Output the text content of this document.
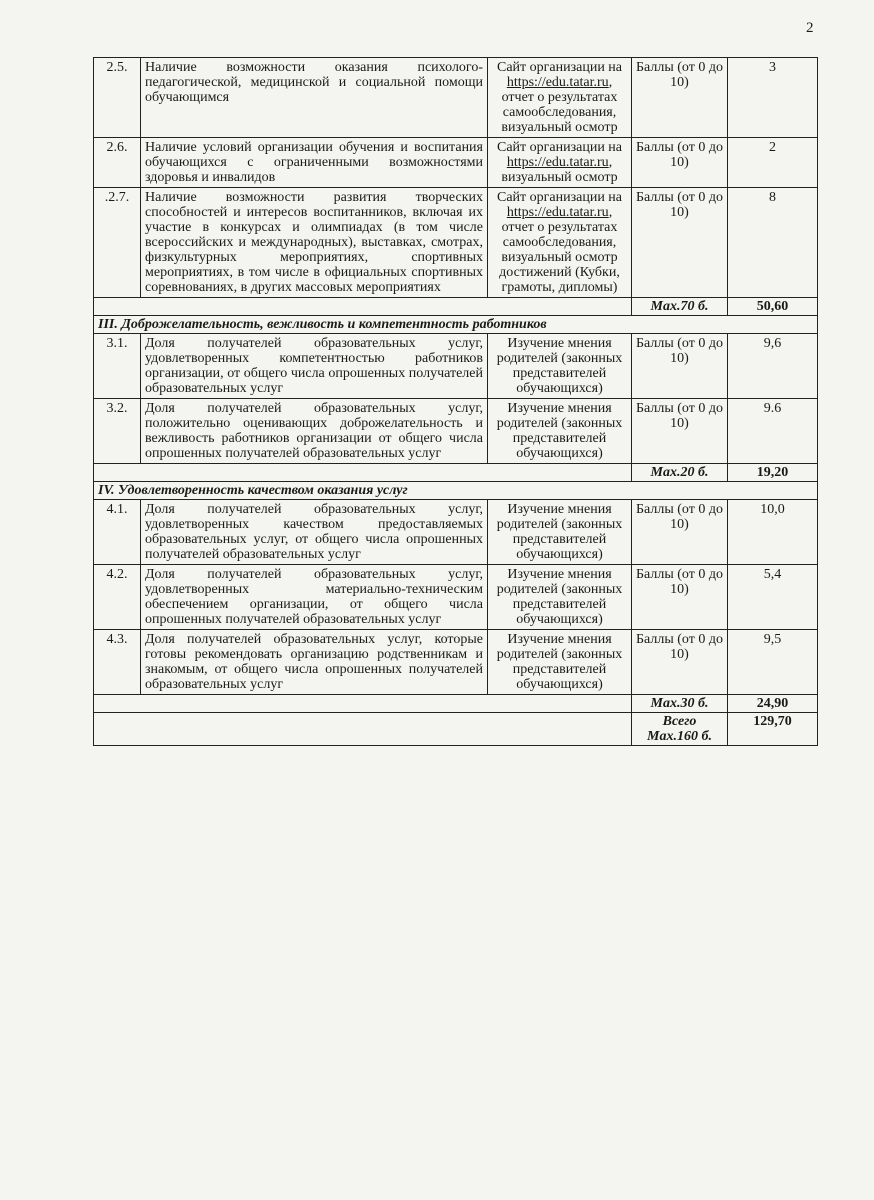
2
2.5.	Наличие возможности оказания психолого-педагогической, медицинской и социальной помощи обучающимся	Сайт организации на https://edu.tatar.ru, отчет о результатах самообследования, визуальный осмотр	Баллы (от 0 до 10)	3
2.6.	Наличие условий организации обучения и воспитания обучающихся с ограниченными возможностями здоровья и инвалидов	Сайт организации на https://edu.tatar.ru, визуальный осмотр	Баллы (от 0 до 10)	2
.2.7.	Наличие возможности развития творческих способностей и интересов воспитанников, включая их участие в конкурсах и олимпиадах (в том числе всероссийских и международных), выставках, смотрах, физкультурных мероприятиях, спортивных мероприятиях, в том числе в официальных спортивных соревнованиях, в других массовых мероприятиях	Сайт организации на https://edu.tatar.ru, отчет о результатах самообследования, визуальный осмотр достижений (Кубки, грамоты, дипломы)	Баллы (от 0 до 10)	8
			Max.70 б.	50,60
III. Доброжелательность, вежливость и компетентность работников				
3.1.	Доля получателей образовательных услуг, удовлетворенных компетентностью работников организации, от общего числа опрошенных получателей образовательных услуг	Изучение мнения родителей (законных представителей обучающихся)	Баллы (от 0 до 10)	9,6
3.2.	Доля получателей образовательных услуг, положительно оценивающих доброжелательность и вежливость работников организации от общего числа опрошенных получателей образовательных услуг	Изучение мнения родителей (законных представителей обучающихся)	Баллы (от 0 до 10)	9.6
			Max.20 б.	19,20
IV. Удовлетворенность качеством оказания услуг				
4.1.	Доля получателей образовательных услуг, удовлетворенных качеством предоставляемых образовательных услуг, от общего числа опрошенных получателей образовательных услуг	Изучение мнения родителей (законных представителей обучающихся)	Баллы (от 0 до 10)	10,0
4.2.	Доля получателей образовательных услуг, удовлетворенных материально-техническим обеспечением организации, от общего числа опрошенных получателей образовательных услуг	Изучение мнения родителей (законных представителей обучающихся)	Баллы (от 0 до 10)	5,4
4.3.	Доля получателей образовательных услуг, которые готовы рекомендовать организацию родственникам и знакомым, от общего числа опрошенных получателей образовательных услуг	Изучение мнения родителей (законных представителей обучающихся)	Баллы (от 0 до 10)	9,5
			Max.30 б.	24,90
			Всего Max.160 б.	129,70
